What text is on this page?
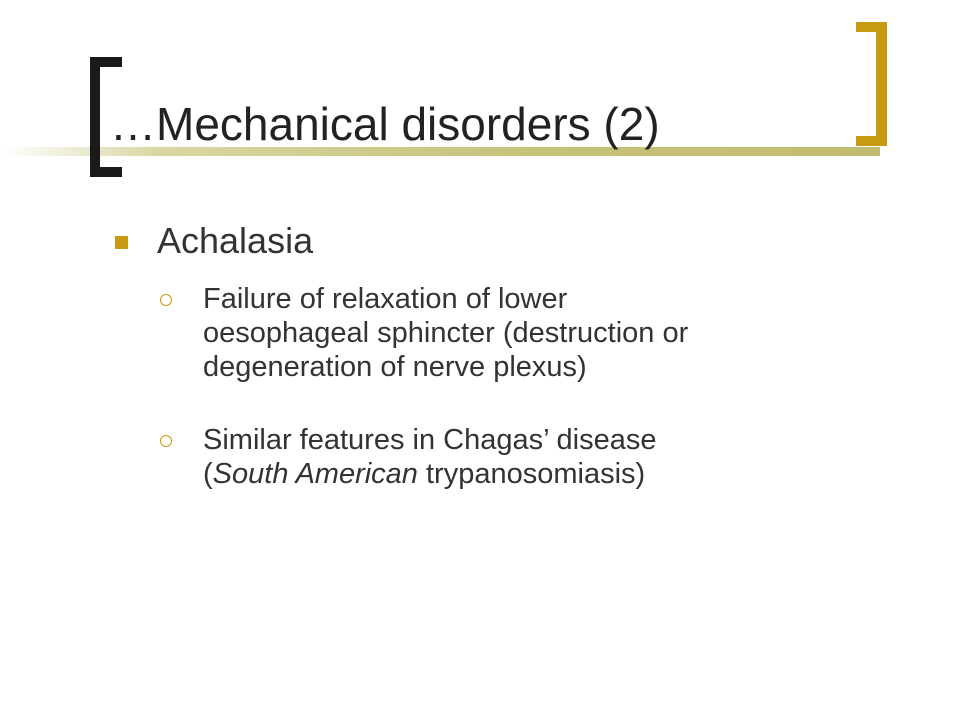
…Mechanical disorders (2)
Achalasia
Failure of relaxation of lower
oesophageal sphincter (destruction or
degeneration of nerve plexus)
Similar features in Chagas’ disease
(South American trypanosomiasis)
